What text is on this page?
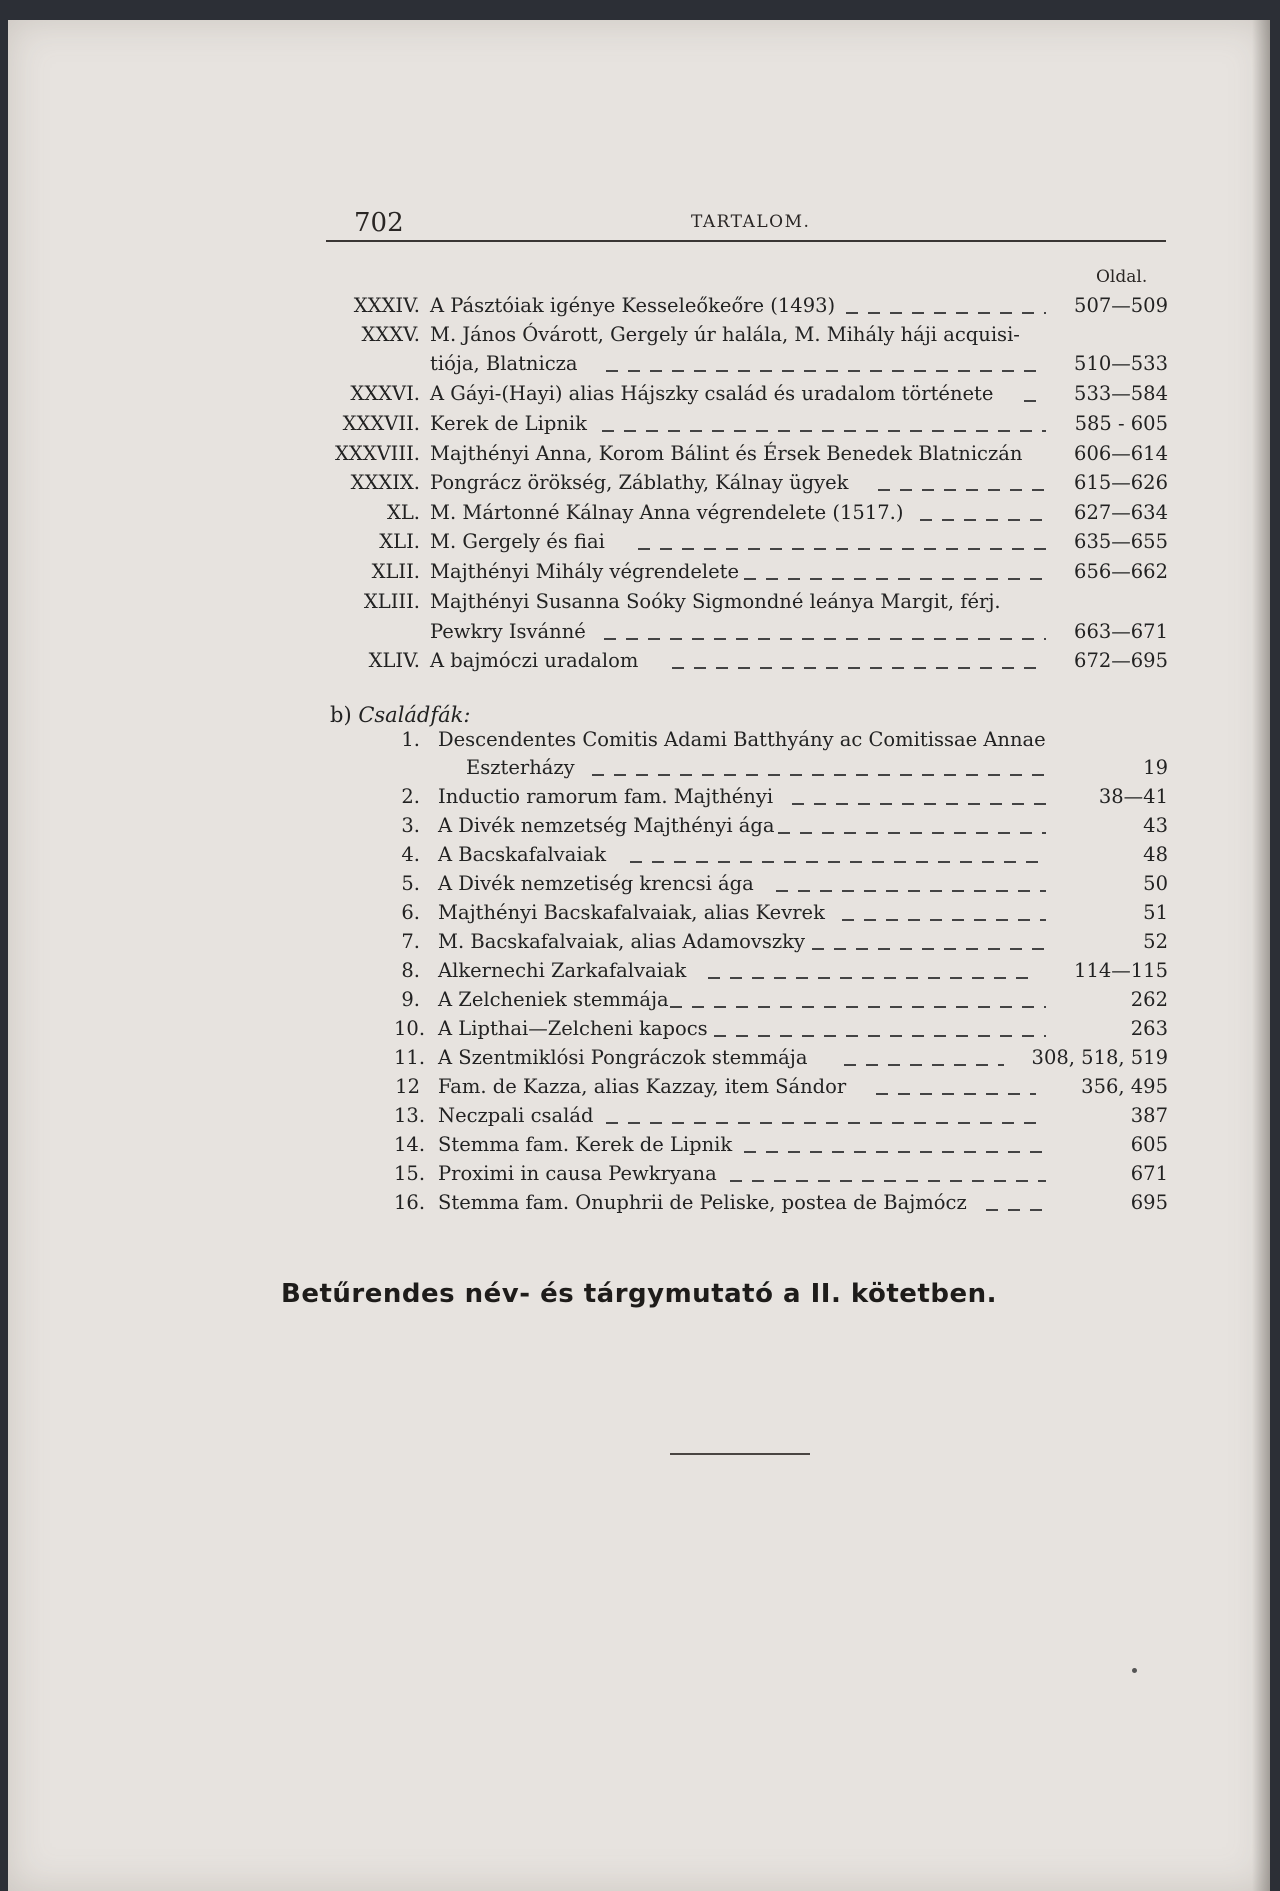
702	TARTALOM.
Oldal.
XXXIV. A Pásztóiak igénye Kesseleőkeőre (1493)	507—509
XXXV. M. János Óvárott, Gergely úr halála, M. Mihály háji acquisi-
tiója, Blatnicza	510—533
XXXVI. A Gáyi-(Hayi) alias Hájszky család és uradalom története	533—584
XXXVII. Kerek de Lipnik	585 - 605
XXXVIII. Majthényi Anna, Korom Bálint és Érsek Benedek Blatniczán	606—614
XXXIX. Pongrácz örökség, Záblathy, Kálnay ügyek	615—626
XL. M. Mártonné Kálnay Anna végrendelete (1517.)	627—634
XLI. M. Gergely és fiai	635—655
XLII. Majthényi Mihály végrendelete	656—662
XLIII. Majthényi Susanna Soóky Sigmondné leánya Margit, férj.
Pewkry Isvánné	663—671
XLIV. A bajmóczi uradalom	672—695
b) Családfák:
1. Descendentes Comitis Adami Batthyány ac Comitissae Annae
Eszterházy	19
2. Inductio ramorum fam. Majthényi	38—41
3. A Divék nemzetség Majthényi ága	43
4. A Bacskafalvaiak	48
5. A Divék nemzetiség krencsi ága	50
6. Majthényi Bacskafalvaiak, alias Kevrek	51
7. M. Bacskafalvaiak, alias Adamovszky	52
8. Alkernechi Zarkafalvaiak	114—115
9. A Zelcheniek stemmája	262
10. A Lipthai—Zelcheni kapocs	263
11. A Szentmiklósi Pongráczok stemmája	308, 518, 519
12 Fam. de Kazza, alias Kazzay, item Sándor	356, 495
13. Neczpali család	387
14. Stemma fam. Kerek de Lipnik	605
15. Proximi in causa Pewkryana	671
16. Stemma fam. Onuphrii de Peliske, postea de Bajmócz	695
Betűrendes név- és tárgymutató a II. kötetben.
